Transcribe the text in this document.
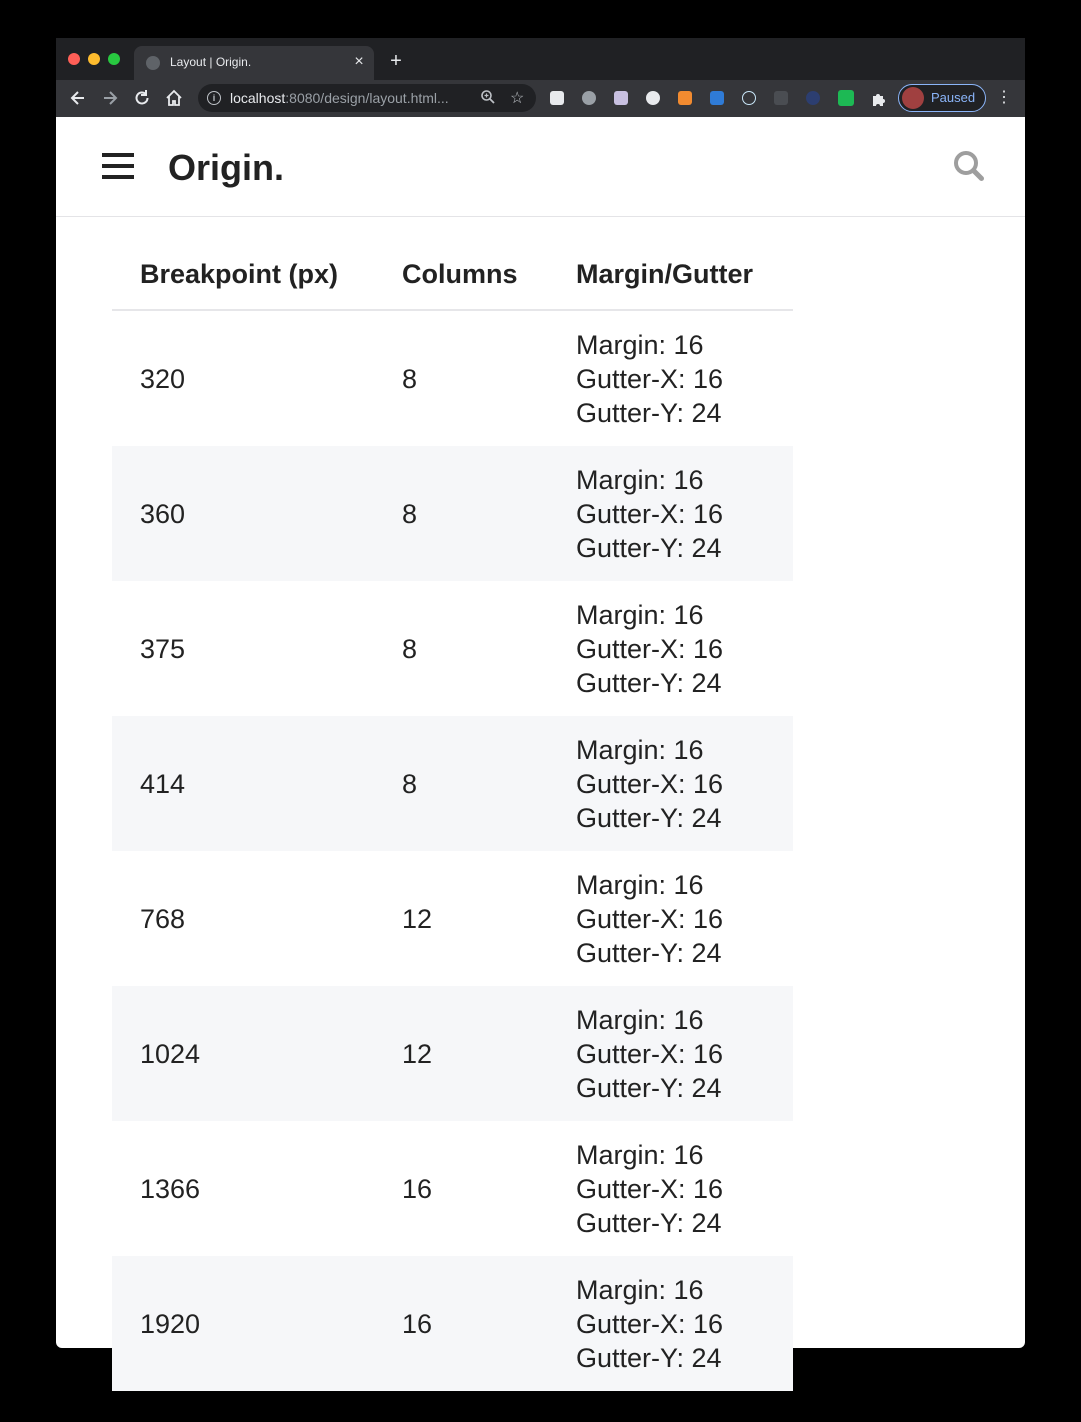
Layout | Origin.	× +
i	localhost:8080/design/layout.html...	☆	Paused ⋮
Origin.
Breakpoint (px)	Columns	Margin/Gutter
320	8	Margin: 16
Gutter-X: 16
Gutter-Y: 24

360	8	Margin: 16
Gutter-X: 16
Gutter-Y: 24

375	8	Margin: 16
Gutter-X: 16
Gutter-Y: 24

414	8	Margin: 16
Gutter-X: 16
Gutter-Y: 24

768	12	Margin: 16
Gutter-X: 16
Gutter-Y: 24

1024	12	Margin: 16
Gutter-X: 16
Gutter-Y: 24

1366	16	Margin: 16
Gutter-X: 16
Gutter-Y: 24

1920	16	Margin: 16
Gutter-X: 16
Gutter-Y: 24
